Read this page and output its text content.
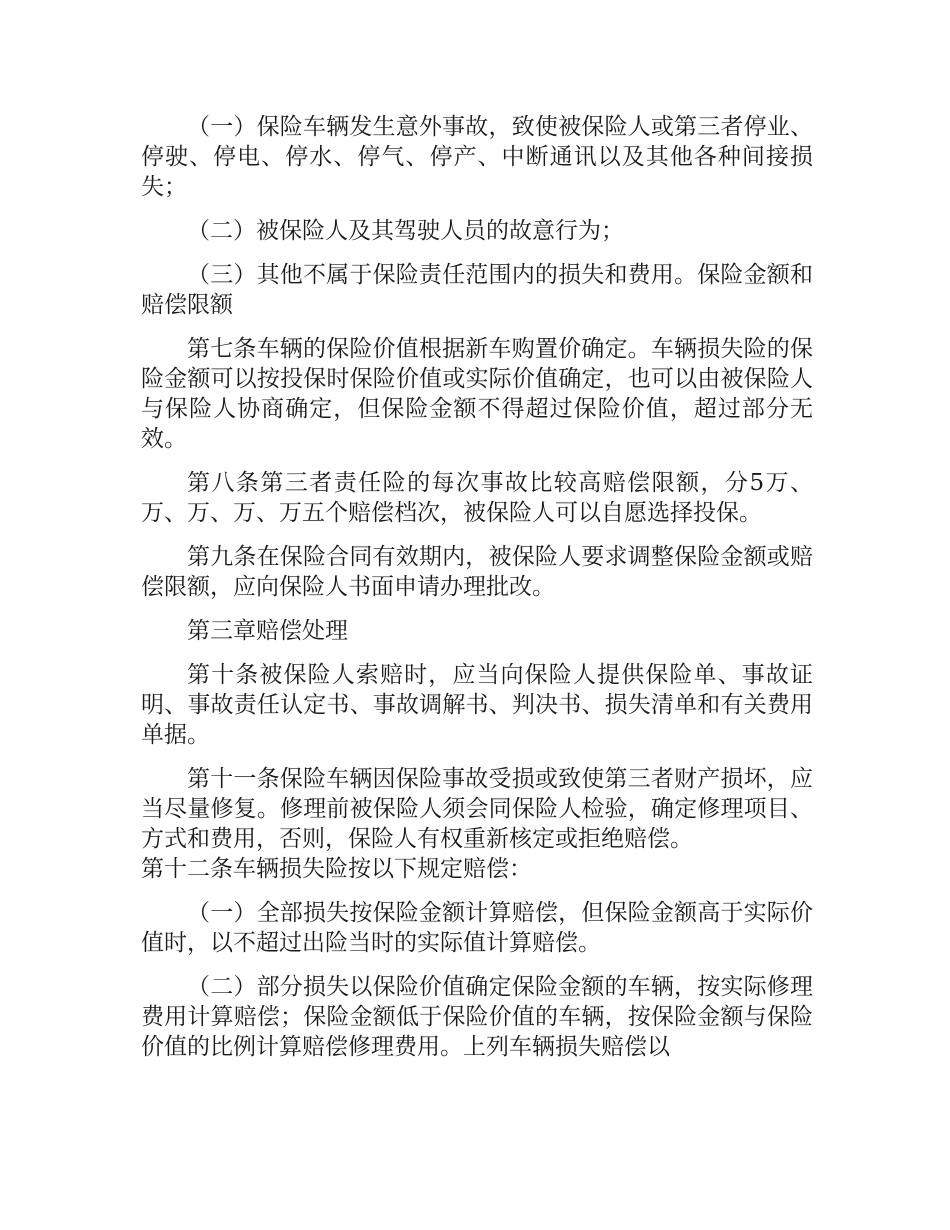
（一）保险车辆发生意外事故，致使被保险人或第三者停业、停驶、停电、停水、停气、停产、中断通讯以及其他各种间接损失；

（二）被保险人及其驾驶人员的故意行为；

（三）其他不属于保险责任范围内的损失和费用。保险金额和赔偿限额

第七条车辆的保险价值根据新车购置价确定。车辆损失险的保险金额可以按投保时保险价值或实际价值确定，也可以由被保险人与保险人协商确定，但保险金额不得超过保险价值，超过部分无效。

第八条第三者责任险的每次事故比较高赔偿限额，分5万、万、万、万、万五个赔偿档次，被保险人可以自愿选择投保。

第九条在保险合同有效期内，被保险人要求调整保险金额或赔偿限额，应向保险人书面申请办理批改。

第三章赔偿处理

第十条被保险人索赔时，应当向保险人提供保险单、事故证明、事故责任认定书、事故调解书、判决书、损失清单和有关费用单据。

第十一条保险车辆因保险事故受损或致使第三者财产损坏，应当尽量修复。修理前被保险人须会同保险人检验，确定修理项目、方式和费用，否则，保险人有权重新核定或拒绝赔偿。

第十二条车辆损失险按以下规定赔偿：

（一）全部损失按保险金额计算赔偿，但保险金额高于实际价值时，以不超过出险当时的实际值计算赔偿。

（二）部分损失以保险价值确定保险金额的车辆，按实际修理费用计算赔偿；保险金额低于保险价值的车辆，按保险金额与保险价值的比例计算赔偿修理费用。上列车辆损失赔偿以
